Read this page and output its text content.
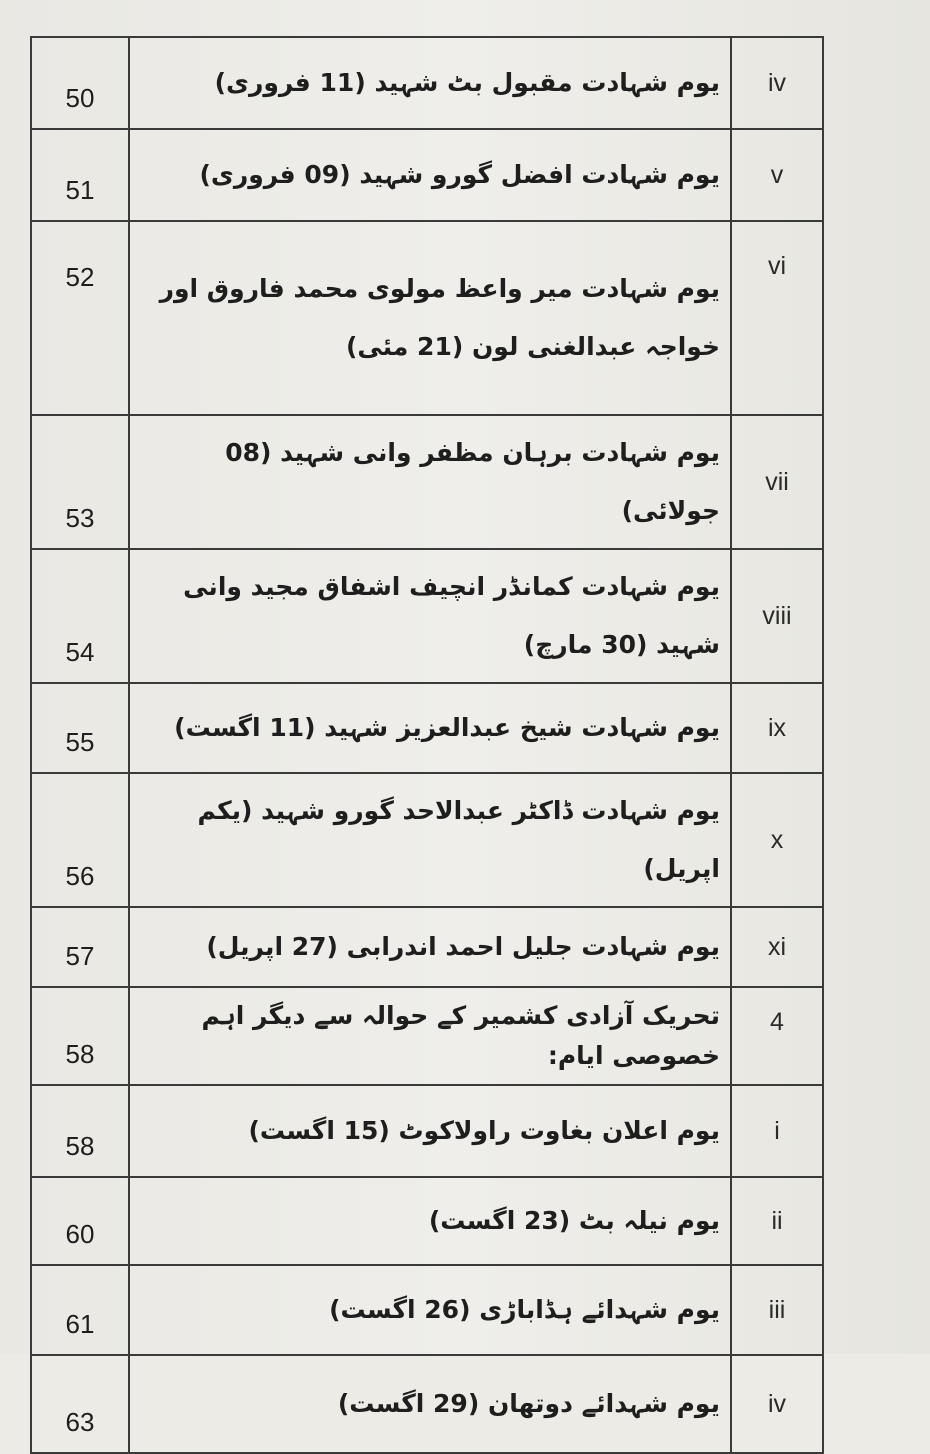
50	یوم شہادت مقبول بٹ شہید (11 فروری)	iv
51	یوم شہادت افضل گورو شہید (09 فروری)	v
52	یوم شہادت میر واعظ مولوی محمد فاروق اور خواجہ عبدالغنی لون (21 مئی)	vi
53	یوم شہادت برہان مظفر وانی شہید (08 جولائی)	vii
54	یوم شہادت کمانڈر انچیف اشفاق مجید وانی شہید (30 مارچ)	viii
55	یوم شہادت شیخ عبدالعزیز شہید (11 اگست)	ix
56	یوم شہادت ڈاکٹر عبدالاحد گورو شہید (یکم اپریل)	x
57	یوم شہادت جلیل احمد اندرابی (27 اپریل)	xi
58	تحریک آزادی کشمیر کے حوالہ سے دیگر اہم خصوصی ایام:	4
58	یوم اعلان بغاوت راولاکوٹ (15 اگست)	i
60	یوم نیلہ بٹ (23 اگست)	ii
61	یوم شہدائے ہڈاباڑی (26 اگست)	iii
63	یوم شہدائے دوتھان (29 اگست)	iv
